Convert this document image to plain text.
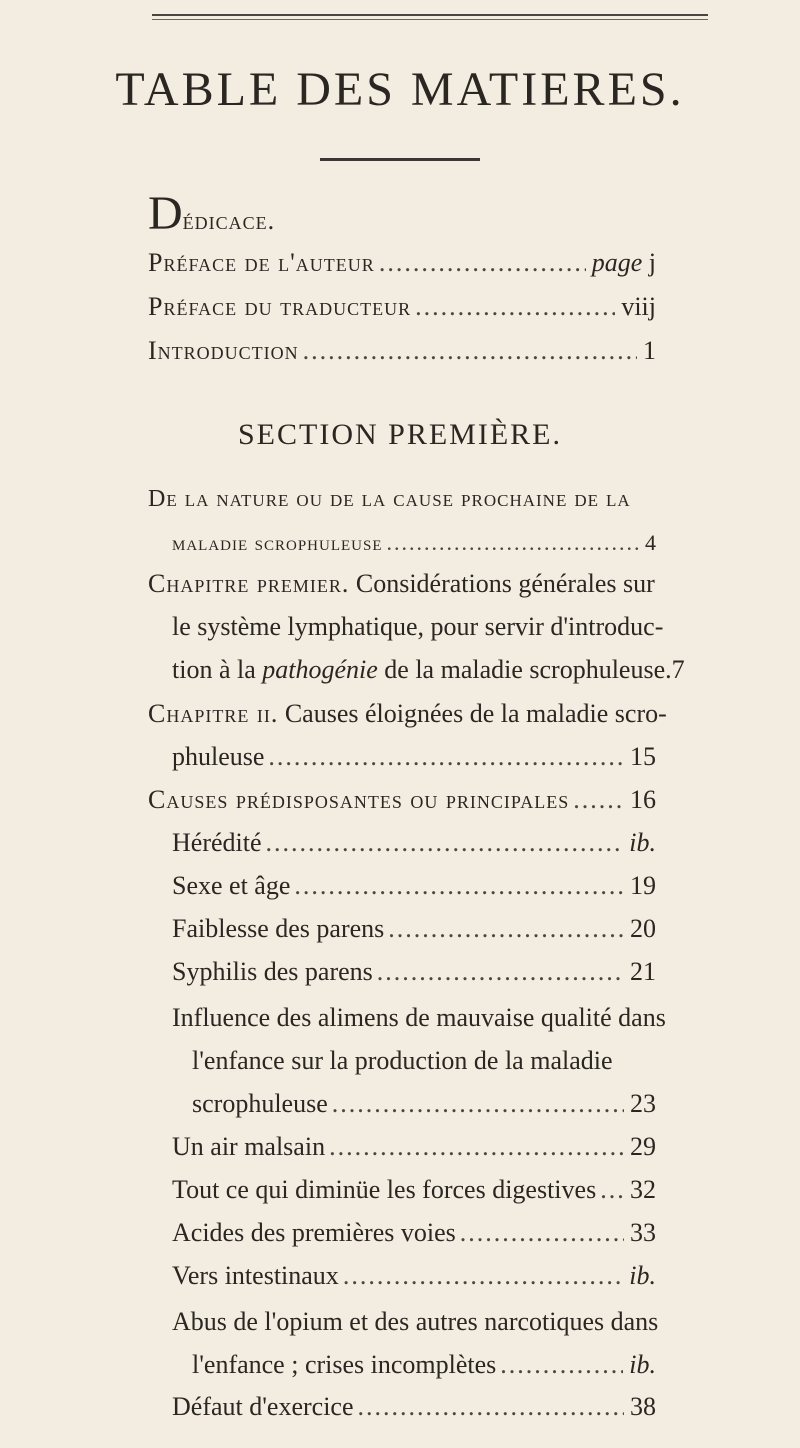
TABLE DES MATIERES.
D édicace.
Préface de l'auteur .....	page j
Préface du traducteur .....	viij
Introduction .....	1
SECTION PREMIÈRE.
De la nature ou de la cause prochaine de la
maladie scrophuleuse .....	4
Chapitre premier.
Considérations générales sur
le système lymphatique, pour servir d'introduc-
tion à la
pathogénie
de la maladie scrophuleuse. 7
Chapitre ii.
Causes éloignées de la maladie scro-
phuleuse .....	15
Causes prédisposantes ou principales ..... 16
Hérédité .....	ib.
Sexe et âge .....	19
Faiblesse des parens .....	20
Syphilis des parens .....	21
Influence des alimens de mauvaise qualité dans
l'enfance sur la production de la maladie
scrophuleuse .....	23
Un air malsain .....	29
Tout ce qui diminüe les forces digestives ..... 32
Acides des premières voies .....	33
Vers intestinaux .....	ib.
Abus de l'opium et des autres narcotiques dans
l'enfance ; crises incomplètes .....	ib.
Défaut d'exercice .....	38
